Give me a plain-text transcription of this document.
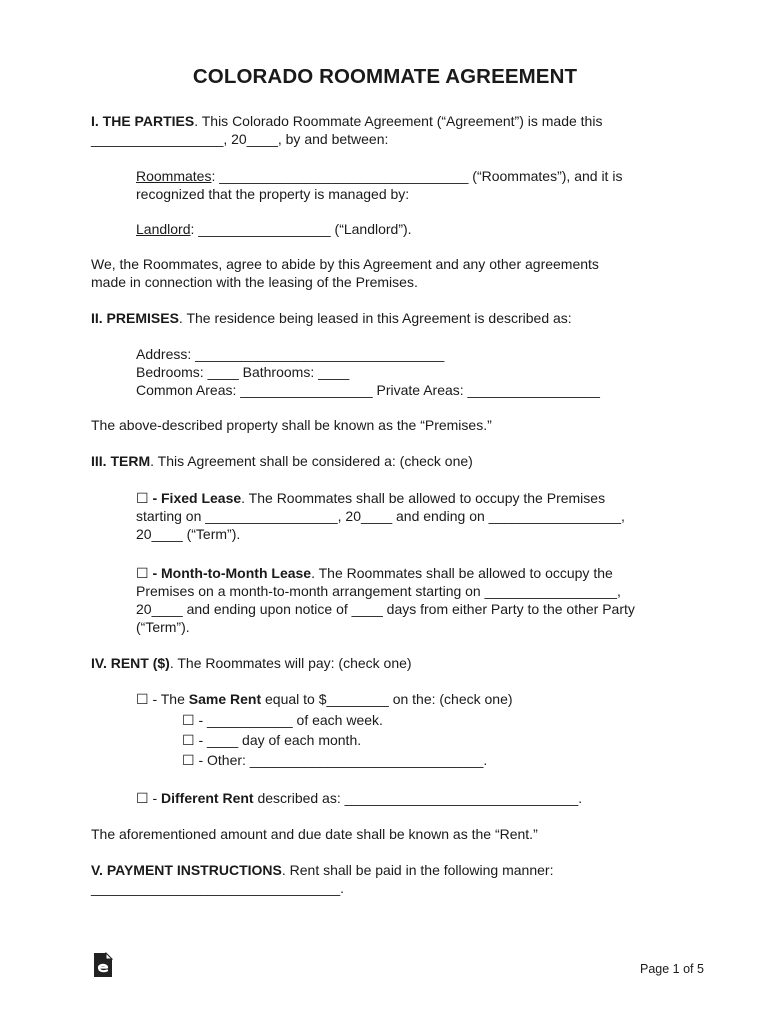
COLORADO ROOMMATE AGREEMENT
I. THE PARTIES. This Colorado Roommate Agreement (“Agreement”) is made this
_________________, 20____, by and between:
Roommates: ________________________________ (“Roommates”), and it is
recognized that the property is managed by:
Landlord: _________________ (“Landlord”).
We, the Roommates, agree to abide by this Agreement and any other agreements
made in connection with the leasing of the Premises.
II. PREMISES. The residence being leased in this Agreement is described as:
Address: ________________________________
Bedrooms: ____ Bathrooms: ____
Common Areas: _________________ Private Areas: _________________
The above-described property shall be known as the “Premises.”
III. TERM. This Agreement shall be considered a: (check one)
☐ - Fixed Lease. The Roommates shall be allowed to occupy the Premises
starting on _________________, 20____ and ending on _________________,
20____ (“Term”).
☐ - Month-to-Month Lease. The Roommates shall be allowed to occupy the
Premises on a month-to-month arrangement starting on _________________,
20____ and ending upon notice of ____ days from either Party to the other Party
(“Term”).
IV. RENT ($). The Roommates will pay: (check one)
☐ - The Same Rent equal to $________ on the: (check one)
☐ - ___________ of each week.
☐ - ____ day of each month.
☐ - Other: ______________________________.
☐ - Different Rent described as: ______________________________.
The aforementioned amount and due date shall be known as the “Rent.”
V. PAYMENT INSTRUCTIONS. Rent shall be paid in the following manner:
________________________________.
Page 1 of 5
